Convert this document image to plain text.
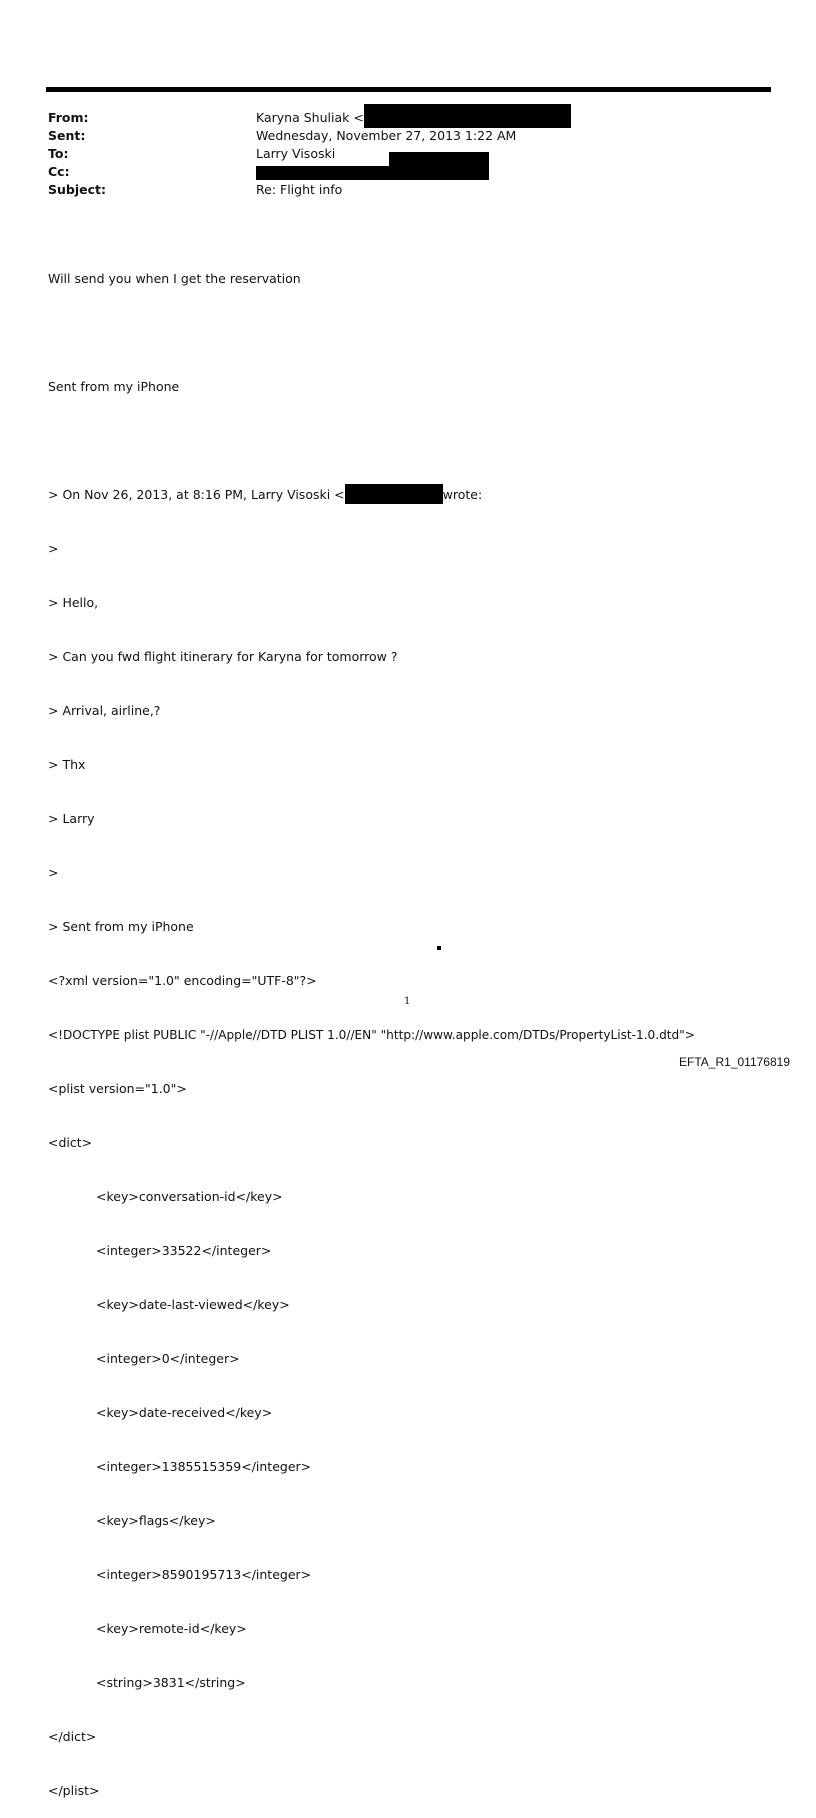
From:	Karyna Shuliak <
Sent:	Wednesday, November 27, 2013 1:22 AM
To:	Larry Visoski
Cc:
Subject:	Re: Flight info

Will send you when I get the reservation

Sent from my iPhone

> On Nov 26, 2013, at 8:16 PM, Larry Visoski <	wrote:

>

> Hello,

> Can you fwd flight itinerary for Karyna for tomorrow ?

> Arrival, airline,?

> Thx

> Larry

>

> Sent from my iPhone

<?xml version="1.0" encoding="UTF-8"?>

<!DOCTYPE plist PUBLIC "-//Apple//DTD PLIST 1.0//EN" "http://www.apple.com/DTDs/PropertyList-1.0.dtd">

<plist version="1.0">

<dict>

<key>conversation-id</key>

<integer>33522</integer>

<key>date-last-viewed</key>

<integer>0</integer>

<key>date-received</key>

<integer>1385515359</integer>

<key>flags</key>

<integer>8590195713</integer>

<key>remote-id</key>

<string>3831</string>

</dict>

</plist>

1
EFTA_R1_01176819
